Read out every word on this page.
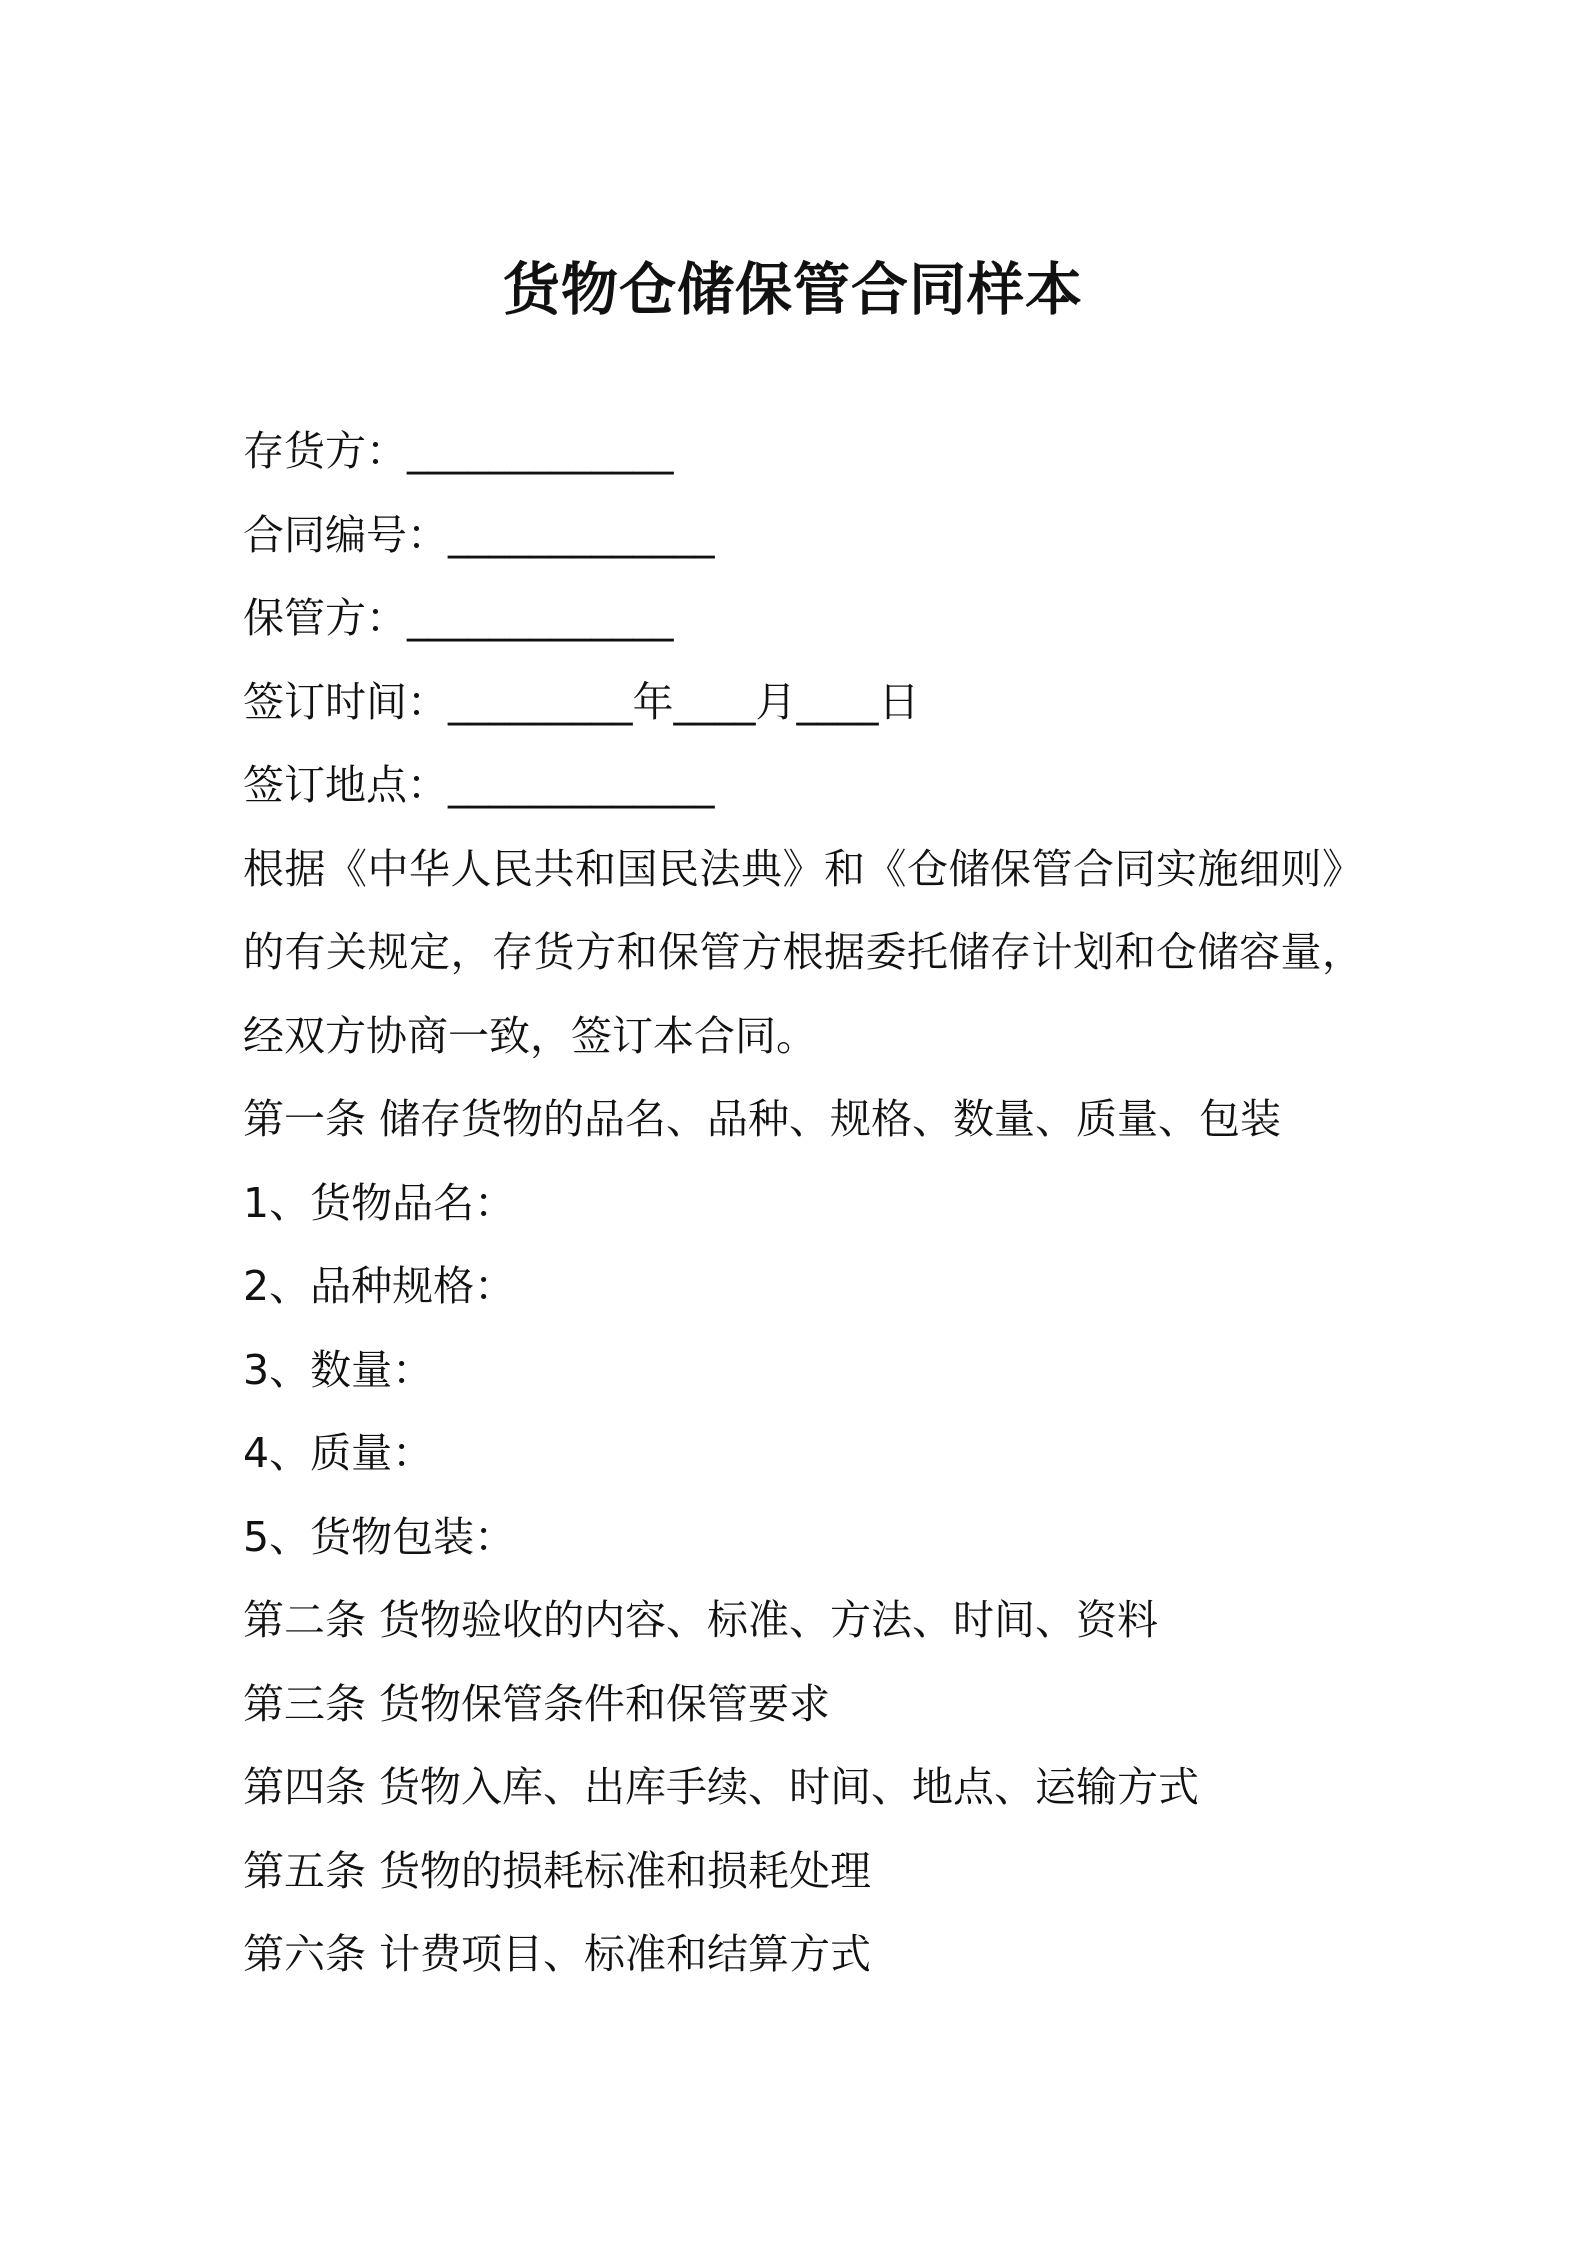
货物仓储保管合同样本
存货方：_____________
合同编号：_____________
保管方：_____________
签订时间：_________年____月____日
签订地点：_____________
根据《中华人民共和国民法典》和《仓储保管合同实施细则》的有关规定，存货方和保管方根据委托储存计划和仓储容量，经双方协商一致，签订本合同。
第一条 储存货物的品名、品种、规格、数量、质量、包装
1、货物品名：
2、品种规格：
3、数量：
4、质量：
5、货物包装：
第二条 货物验收的内容、标准、方法、时间、资料
第三条 货物保管条件和保管要求
第四条 货物入库、出库手续、时间、地点、运输方式
第五条 货物的损耗标准和损耗处理
第六条 计费项目、标准和结算方式
